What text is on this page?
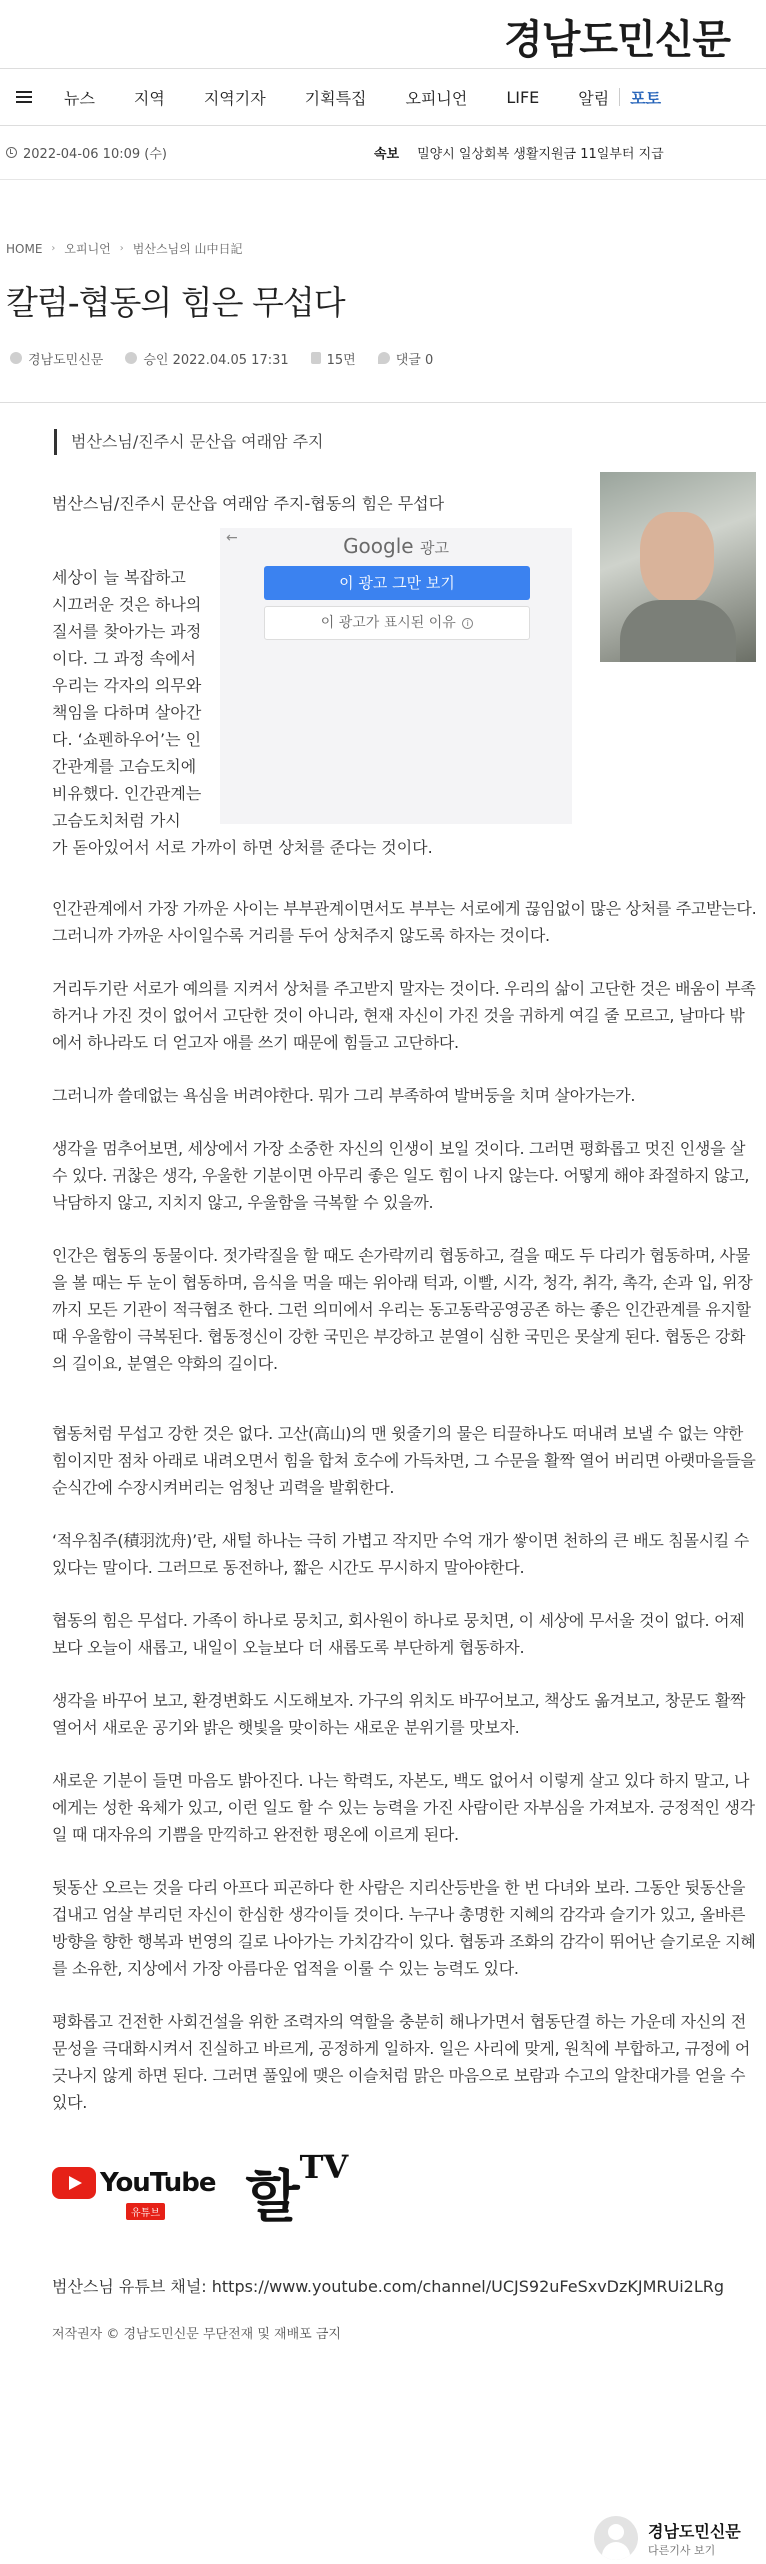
경남도민신문
뉴스 지역 지역기자 기획특집 오피니언 LIFE 알림 포토
2022-04-06 10:09 (수)	속보 밀양시 일상회복 생활지원금 11일부터 지급
HOME › 오피니언 › 범산스님의 山中日記
칼럼-협동의 힘은 무섭다
경남도민신문	승인 2022.04.05 17:31	15면	댓글 0
범산스님/진주시 문산읍 여래암 주지
범산스님/진주시 문산읍 여래암 주지-협동의 힘은 무섭다
←	Google 광고
이 광고 그만 보기
이 광고가 표시된 이유 i

세상이 늘 복잡하고 시끄러운 것은 하나의 질서를 찾아가는 과정이다. 그 과정 속에서 우리는 각자의 의무와 책임을 다하며 살아간다. ‘쇼펜하우어’는 인간관계를 고슴도치에 비유했다. 인간관계는 고슴도치처럼 가시

가 돋아있어서 서로 가까이 하면 상처를 준다는 것이다.

인간관계에서 가장 가까운 사이는 부부관계이면서도 부부는 서로에게 끊임없이 많은 상처를 주고받는다. 그러니까 가까운 사이일수록 거리를 두어 상처주지 않도록 하자는 것이다.

거리두기란 서로가 예의를 지켜서 상처를 주고받지 말자는 것이다. 우리의 삶이 고단한 것은 배움이 부족하거나 가진 것이 없어서 고단한 것이 아니라, 현재 자신이 가진 것을 귀하게 여길 줄 모르고, 날마다 밖에서 하나라도 더 얻고자 애를 쓰기 때문에 힘들고 고단하다.

그러니까 쓸데없는 욕심을 버려야한다. 뭐가 그리 부족하여 발버둥을 치며 살아가는가.

생각을 멈추어보면, 세상에서 가장 소중한 자신의 인생이 보일 것이다. 그러면 평화롭고 멋진 인생을 살 수 있다. 귀찮은 생각, 우울한 기분이면 아무리 좋은 일도 힘이 나지 않는다. 어떻게 해야 좌절하지 않고, 낙담하지 않고, 지치지 않고, 우울함을 극복할 수 있을까.

인간은 협동의 동물이다. 젓가락질을 할 때도 손가락끼리 협동하고, 걸을 때도 두 다리가 협동하며, 사물을 볼 때는 두 눈이 협동하며, 음식을 먹을 때는 위아래 턱과, 이빨, 시각, 청각, 취각, 촉각, 손과 입, 위장까지 모든 기관이 적극협조 한다. 그런 의미에서 우리는 동고동락공영공존 하는 좋은 인간관계를 유지할 때 우울함이 극복된다. 협동정신이 강한 국민은 부강하고 분열이 심한 국민은 못살게 된다. 협동은 강화의 길이요, 분열은 약화의 길이다.

협동처럼 무섭고 강한 것은 없다. 고산(高山)의 맨 윗줄기의 물은 티끌하나도 떠내려 보낼 수 없는 약한 힘이지만 점차 아래로 내려오면서 힘을 합쳐 호수에 가득차면, 그 수문을 활짝 열어 버리면 아랫마을들을 순식간에 수장시켜버리는 엄청난 괴력을 발휘한다.

‘적우침주(積羽沈舟)’란, 새털 하나는 극히 가볍고 작지만 수억 개가 쌓이면 천하의 큰 배도 침몰시킬 수 있다는 말이다. 그러므로 동전하나, 짧은 시간도 무시하지 말아야한다.

협동의 힘은 무섭다. 가족이 하나로 뭉치고, 회사원이 하나로 뭉치면, 이 세상에 무서울 것이 없다. 어제보다 오늘이 새롭고, 내일이 오늘보다 더 새롭도록 부단하게 협동하자.

생각을 바꾸어 보고, 환경변화도 시도해보자. 가구의 위치도 바꾸어보고, 책상도 옮겨보고, 창문도 활짝 열어서 새로운 공기와 밝은 햇빛을 맞이하는 새로운 분위기를 맛보자.

새로운 기분이 들면 마음도 밝아진다. 나는 학력도, 자본도, 백도 없어서 이렇게 살고 있다 하지 말고, 나에게는 성한 육체가 있고, 이런 일도 할 수 있는 능력을 가진 사람이란 자부심을 가져보자. 긍정적인 생각일 때 대자유의 기쁨을 만끽하고 완전한 평온에 이르게 된다.

뒷동산 오르는 것을 다리 아프다 피곤하다 한 사람은 지리산등반을 한 번 다녀와 보라. 그동안 뒷동산을 겁내고 엄살 부리던 자신이 한심한 생각이들 것이다. 누구나 총명한 지혜의 감각과 슬기가 있고, 올바른 방향을 향한 행복과 번영의 길로 나아가는 가치감각이 있다. 협동과 조화의 감각이 뛰어난 슬기로운 지혜를 소유한, 지상에서 가장 아름다운 업적을 이룰 수 있는 능력도 있다.

평화롭고 건전한 사회건설을 위한 조력자의 역할을 충분히 해나가면서 협동단결 하는 가운데 자신의 전문성을 극대화시켜서 진실하고 바르게, 공정하게 일하자. 일은 사리에 맞게, 원칙에 부합하고, 규정에 어긋나지 않게 하면 된다. 그러면 풀잎에 맺은 이슬처럼 맑은 마음으로 보람과 수고의 알찬대가를 얻을 수 있다.

YouTube
유튜브	할$^{TV}$

범산스님 유튜브 채널: https://www.youtube.com/channel/UCJS92uFeSxvDzKJMRUi2LRg

저작권자 © 경남도민신문 무단전재 및 재배포 금지

경남도민신문
다른기사 보기
